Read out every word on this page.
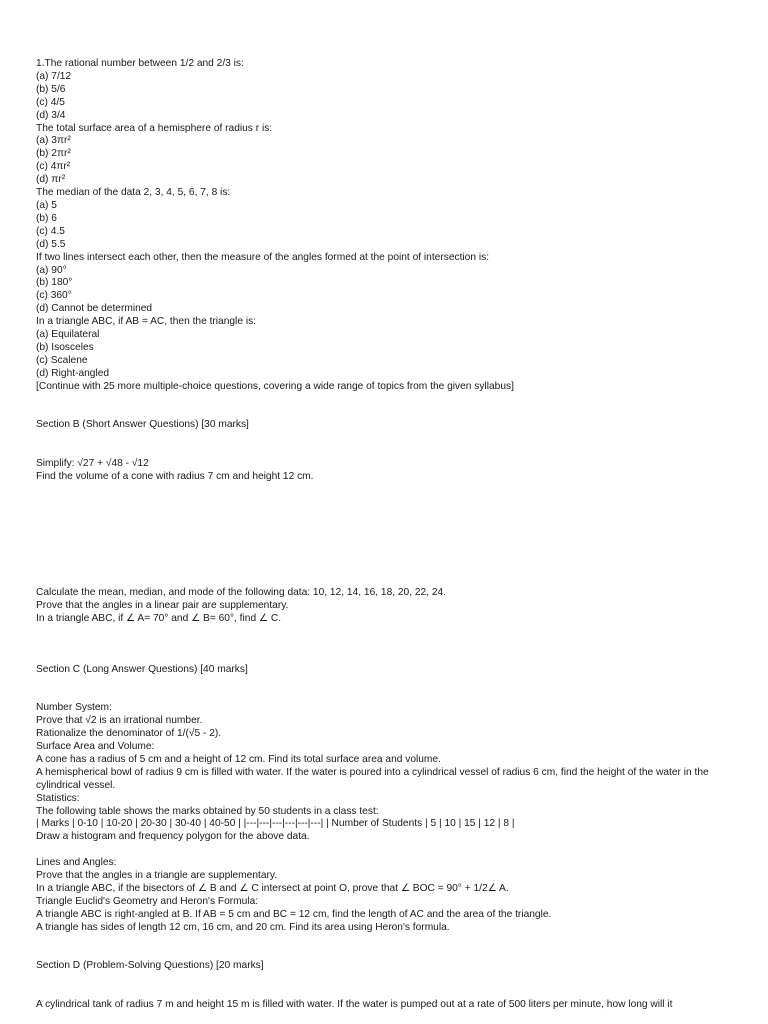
1.The rational number between 1/2 and 2/3 is:
(a) 7/12
(b) 5/6
(c) 4/5
(d) 3/4
The total surface area of a hemisphere of radius r is:
(a) 3πr²
(b) 2πr²
(c) 4πr²
(d) πr²
The median of the data 2, 3, 4, 5, 6, 7, 8 is:
(a) 5
(b) 6
(c) 4.5
(d) 5.5
If two lines intersect each other, then the measure of the angles formed at the point of intersection is:
(a) 90°
(b) 180°
(c) 360°
(d) Cannot be determined
In a triangle ABC, if AB = AC, then the triangle is:
(a) Equilateral
(b) Isosceles
(c) Scalene
(d) Right-angled
[Continue with 25 more multiple-choice questions, covering a wide range of topics from the given syllabus]
Section B (Short Answer Questions) [30 marks]
Simplify: √27 + √48 - √12
Find the volume of a cone with radius 7 cm and height 12 cm.
Calculate the mean, median, and mode of the following data: 10, 12, 14, 16, 18, 20, 22, 24.
Prove that the angles in a linear pair are supplementary.
In a triangle ABC, if ∠ A= 70° and ∠ B= 60°, find ∠ C.
Section C (Long Answer Questions) [40 marks]
Number System:
Prove that √2 is an irrational number.
Rationalize the denominator of 1/(√5 - 2).
Surface Area and Volume:
A cone has a radius of 5 cm and a height of 12 cm. Find its total surface area and volume.
A hemispherical bowl of radius 9 cm is filled with water. If the water is poured into a cylindrical vessel of radius 6 cm, find the height of the water in the cylindrical vessel.
Statistics:
The following table shows the marks obtained by 50 students in a class test:
| Marks | 0-10 | 10-20 | 20-30 | 30-40 | 40-50 | |---|---|---|---|---|---| | Number of Students | 5 | 10 | 15 | 12 | 8 |
Draw a histogram and frequency polygon for the above data.
Lines and Angles:
Prove that the angles in a triangle are supplementary.
In a triangle ABC, if the bisectors of ∠ B and ∠ C intersect at point O, prove that ∠ BOC = 90° + 1/2∠ A.
Triangle Euclid's Geometry and Heron's Formula:
A triangle ABC is right-angled at B. If AB = 5 cm and BC = 12 cm, find the length of AC and the area of the triangle.
A triangle has sides of length 12 cm, 16 cm, and 20 cm. Find its area using Heron's formula.
Section D (Problem-Solving Questions) [20 marks]
A cylindrical tank of radius 7 m and height 15 m is filled with water. If the water is pumped out at a rate of 500 liters per minute, how long will it
